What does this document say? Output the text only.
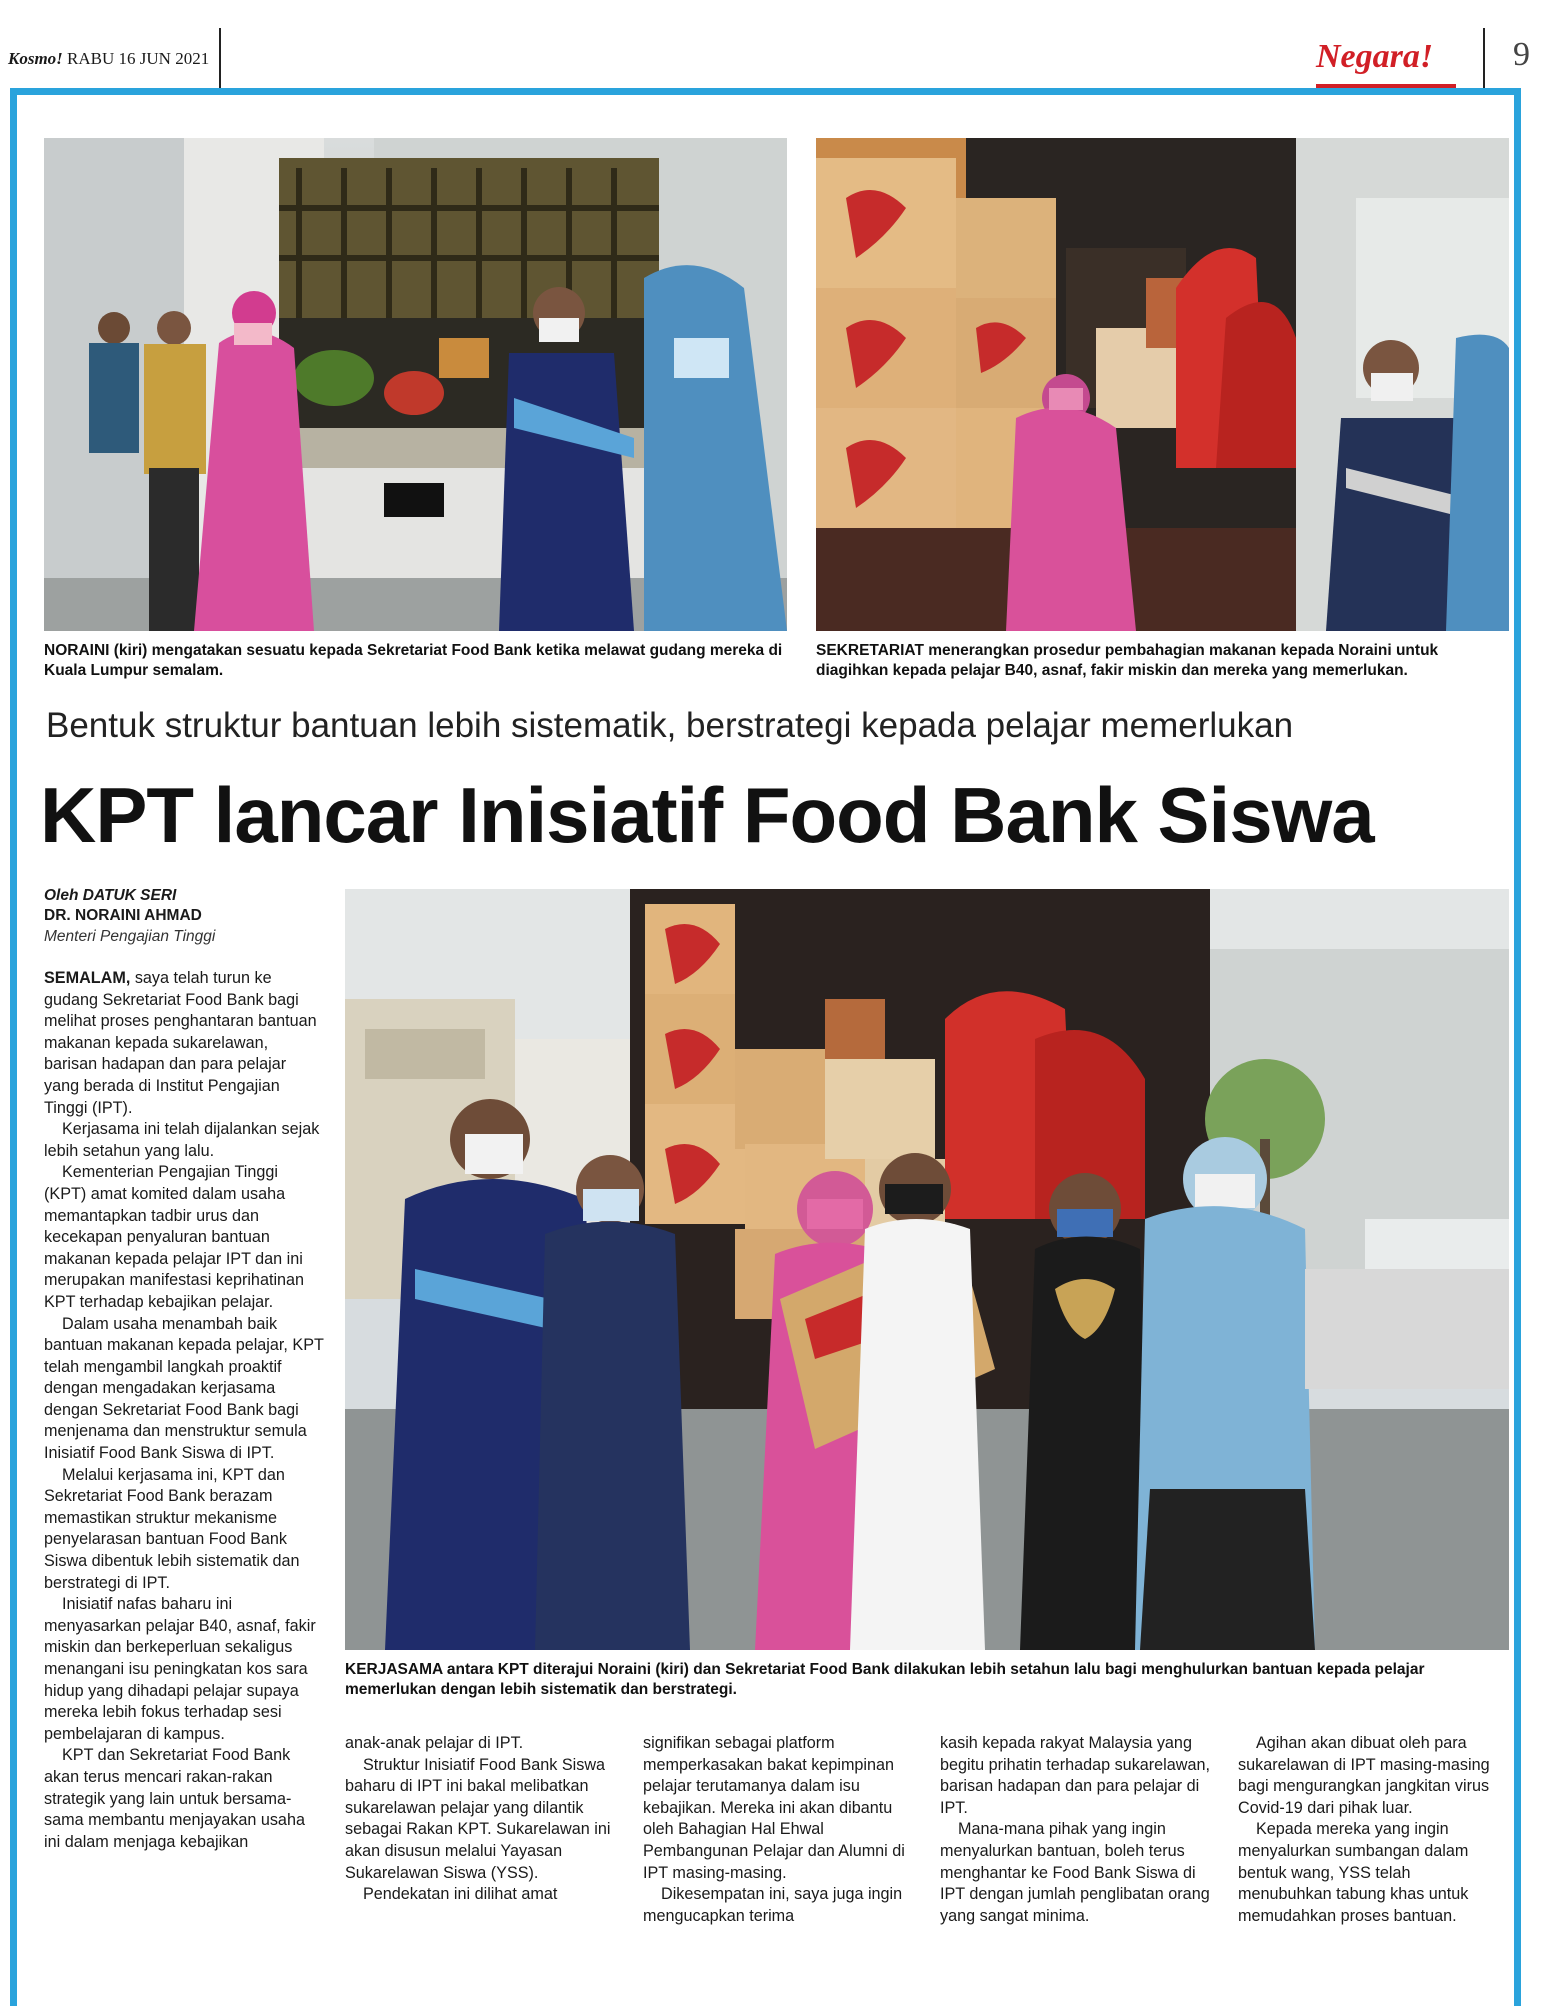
Kosmo! RABU 16 JUN 2021	Negara! 9
NORAINI (kiri) mengatakan sesuatu kepada Sekretariat Food Bank ketika melawat gudang mereka di Kuala Lumpur semalam.
SEKRETARIAT menerangkan prosedur pembahagian makanan kepada Noraini untuk diagihkan kepada pelajar B40, asnaf, fakir miskin dan mereka yang memerlukan.
Bentuk struktur bantuan lebih sistematik, berstrategi kepada pelajar memerlukan
KPT lancar Inisiatif Food Bank Siswa
Oleh DATUK SERI
DR. NORAINI AHMAD
Menteri Pengajian Tinggi
KERJASAMA antara KPT diterajui Noraini (kiri) dan Sekretariat Food Bank dilakukan lebih setahun lalu bagi menghulurkan bantuan kepada pelajar memerlukan dengan lebih sistematik dan berstrategi.

SEMALAM, saya telah turun ke gudang Sekretariat Food Bank bagi melihat proses penghantaran bantuan makanan kepada sukarelawan, barisan hadapan dan para pelajar yang berada di Institut Pengajian Tinggi (IPT).

Kerjasama ini telah dijalankan sejak lebih setahun yang lalu.

Kementerian Pengajian Tinggi (KPT) amat komited dalam usaha memantapkan tadbir urus dan kecekapan penyaluran bantuan makanan kepada pelajar IPT dan ini merupakan manifestasi keprihatinan KPT terhadap kebajikan pelajar.

Dalam usaha menambah baik bantuan makanan kepada pelajar, KPT telah mengambil langkah proaktif dengan mengadakan kerjasama dengan Sekretariat Food Bank bagi menjenama dan menstruktur semula Inisiatif Food Bank Siswa di IPT.

Melalui kerjasama ini, KPT dan Sekretariat Food Bank berazam memastikan struktur mekanisme penyelarasan bantuan Food Bank Siswa dibentuk lebih sistematik dan berstrategi di IPT.

Inisiatif nafas baharu ini menyasarkan pelajar B40, asnaf, fakir miskin dan berkeperluan sekaligus menangani isu peningkatan kos sara hidup yang dihadapi pelajar supaya mereka lebih fokus terhadap sesi pembelajaran di kampus.

KPT dan Sekretariat Food Bank akan terus mencari rakan-rakan strategik yang lain untuk bersama-sama membantu menjayakan usaha ini dalam menjaga kebajikan

anak-anak pelajar di IPT.

Struktur Inisiatif Food Bank Siswa baharu di IPT ini bakal melibatkan sukarelawan pelajar yang dilantik sebagai Rakan KPT. Sukarelawan ini akan disusun melalui Yayasan Sukarelawan Siswa (YSS).

Pendekatan ini dilihat amat

signifikan sebagai platform memperkasakan bakat kepimpinan pelajar terutamanya dalam isu kebajikan. Mereka ini akan dibantu oleh Bahagian Hal Ehwal Pembangunan Pelajar dan Alumni di IPT masing-masing.

Dikesempatan ini, saya juga ingin mengucapkan terima

kasih kepada rakyat Malaysia yang begitu prihatin terhadap sukarelawan, barisan hadapan dan para pelajar di IPT.

Mana-mana pihak yang ingin menyalurkan bantuan, boleh terus menghantar ke Food Bank Siswa di IPT dengan jumlah penglibatan orang yang sangat minima.

Agihan akan dibuat oleh para sukarelawan di IPT masing-masing bagi mengurangkan jangkitan virus Covid-19 dari pihak luar.

Kepada mereka yang ingin menyalurkan sumbangan dalam bentuk wang, YSS telah menubuhkan tabung khas untuk memudahkan proses bantuan.
